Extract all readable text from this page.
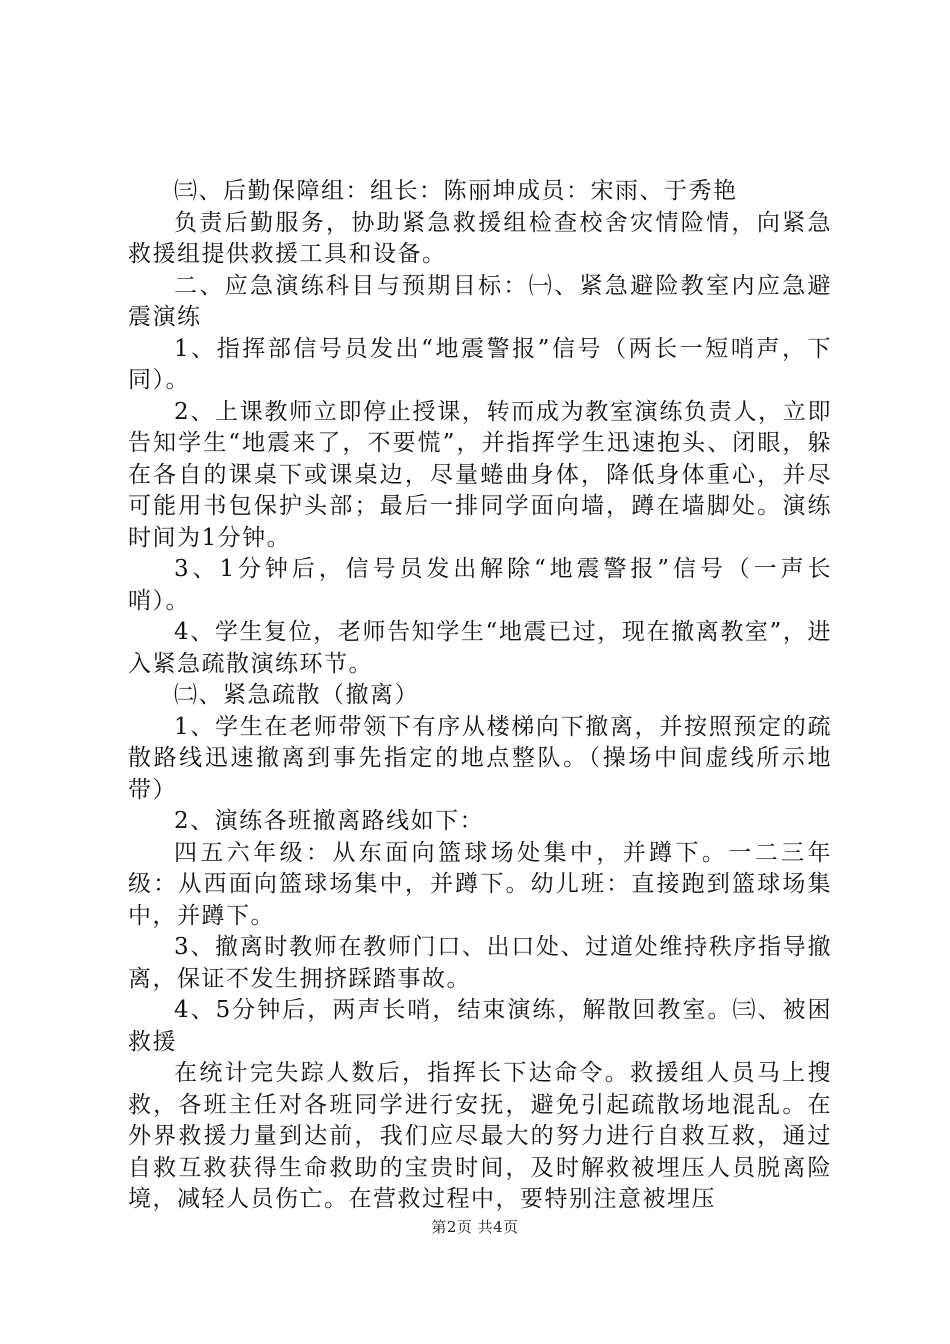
㈢、后勤保障组：组长：陈丽坤成员：宋雨、于秀艳

负责后勤服务，协助紧急救援组检查校舍灾情险情，向紧急救援组提供救援工具和设备。

二、应急演练科目与预期目标：㈠、紧急避险教室内应急避震演练

1、指挥部信号员发出“地震警报”信号（两长一短哨声，下同）。

2、上课教师立即停止授课，转而成为教室演练负责人，立即告知学生“地震来了，不要慌”，并指挥学生迅速抱头、闭眼，躲在各自的课桌下或课桌边，尽量蜷曲身体，降低身体重心，并尽可能用书包保护头部；最后一排同学面向墙，蹲在墙脚处。演练时间为1分钟。

3、1分钟后，信号员发出解除“地震警报”信号（一声长哨）。

4、学生复位，老师告知学生“地震已过，现在撤离教室”，进入紧急疏散演练环节。

㈡、紧急疏散（撤离）

1、学生在老师带领下有序从楼梯向下撤离，并按照预定的疏散路线迅速撤离到事先指定的地点整队。（操场中间虚线所示地带）

2、演练各班撤离路线如下：

四五六年级：从东面向篮球场处集中，并蹲下。一二三年级：从西面向篮球场集中，并蹲下。幼儿班：直接跑到篮球场集中，并蹲下。

3、撤离时教师在教师门口、出口处、过道处维持秩序指导撤离，保证不发生拥挤踩踏事故。

4、5分钟后，两声长哨，结束演练，解散回教室。㈢、被困救援

在统计完失踪人数后，指挥长下达命令。救援组人员马上搜救，各班主任对各班同学进行安抚，避免引起疏散场地混乱。在外界救援力量到达前，我们应尽最大的努力进行自救互救，通过自救互救获得生命救助的宝贵时间，及时解救被埋压人员脱离险境，减轻人员伤亡。在营救过程中，要特别注意被埋压

第2页 共4页
